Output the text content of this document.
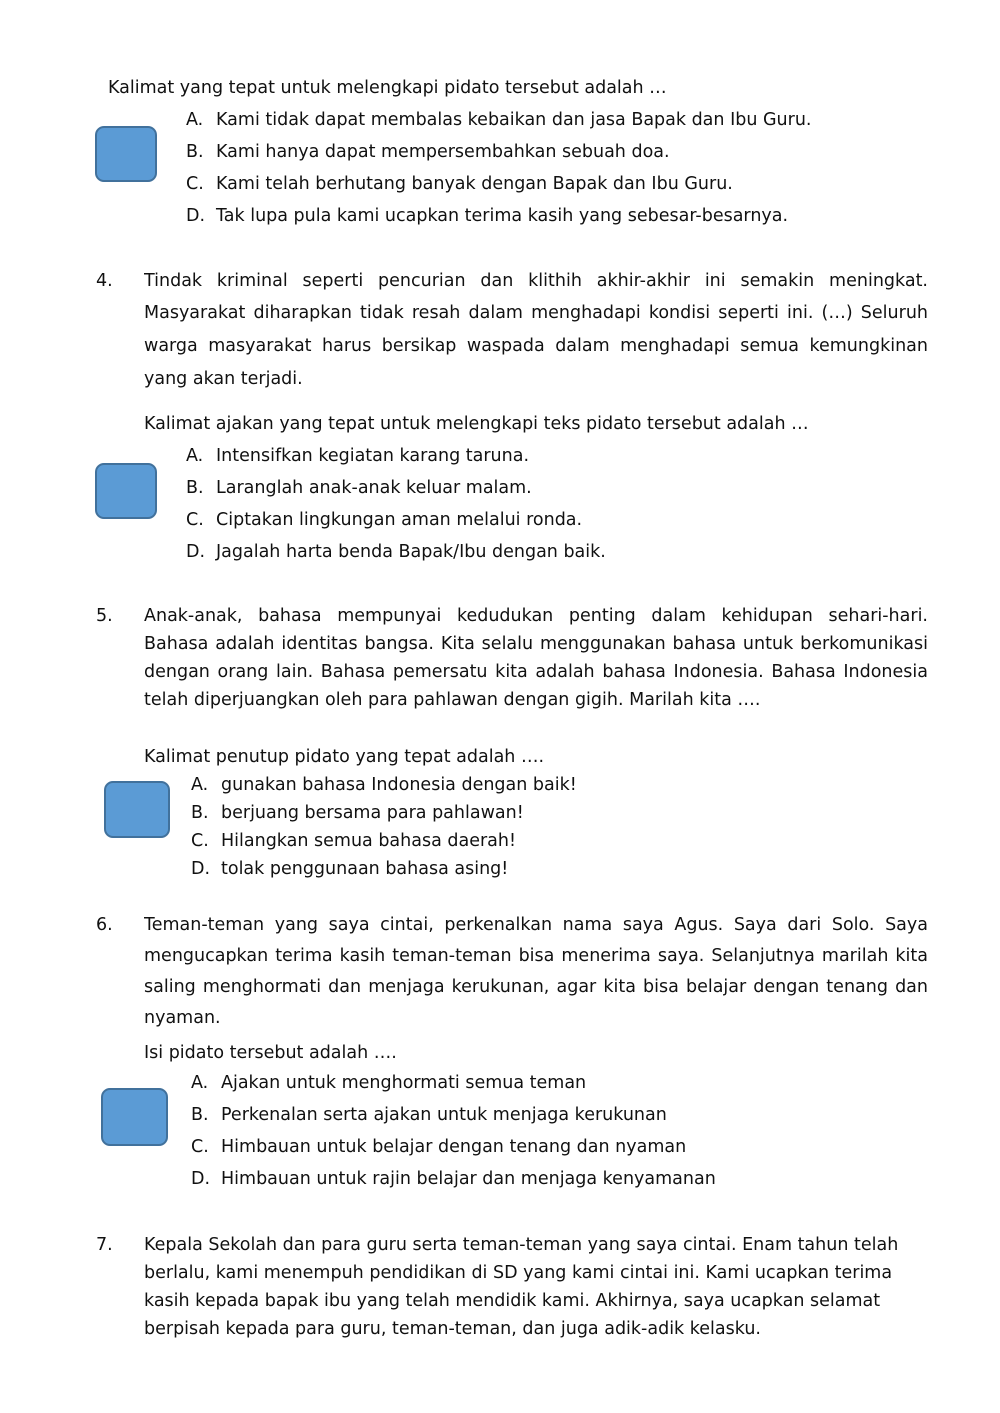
Kalimat yang tepat untuk melengkapi pidato tersebut adalah …
A. Kami tidak dapat membalas kebaikan dan jasa Bapak dan Ibu Guru.
B. Kami hanya dapat mempersembahkan sebuah doa.
C. Kami telah berhutang banyak dengan Bapak dan Ibu Guru.
D. Tak lupa pula kami ucapkan terima kasih yang sebesar-besarnya.
4. Tindak kriminal seperti pencurian dan klithih akhir-akhir ini semakin meningkat.
Masyarakat diharapkan tidak resah dalam menghadapi kondisi seperti ini. (…) Seluruh
warga masyarakat harus bersikap waspada dalam menghadapi semua kemungkinan
yang akan terjadi.
Kalimat ajakan yang tepat untuk melengkapi teks pidato tersebut adalah …
A. Intensifkan kegiatan karang taruna.
B. Laranglah anak-anak keluar malam.
C. Ciptakan lingkungan aman melalui ronda.
D. Jagalah harta benda Bapak/Ibu dengan baik.
5. Anak-anak, bahasa mempunyai kedudukan penting dalam kehidupan sehari-hari.
Bahasa adalah identitas bangsa. Kita selalu menggunakan bahasa untuk berkomunikasi
dengan orang lain. Bahasa pemersatu kita adalah bahasa Indonesia. Bahasa Indonesia
telah diperjuangkan oleh para pahlawan dengan gigih. Marilah kita ….
Kalimat penutup pidato yang tepat adalah ….
A. gunakan bahasa Indonesia dengan baik!
B. berjuang bersama para pahlawan!
C. Hilangkan semua bahasa daerah!
D. tolak penggunaan bahasa asing!
6. Teman-teman yang saya cintai, perkenalkan nama saya Agus. Saya dari Solo. Saya
mengucapkan terima kasih teman-teman bisa menerima saya. Selanjutnya marilah kita
saling menghormati dan menjaga kerukunan, agar kita bisa belajar dengan tenang dan
nyaman.
Isi pidato tersebut adalah ….
A. Ajakan untuk menghormati semua teman
B. Perkenalan serta ajakan untuk menjaga kerukunan
C. Himbauan untuk belajar dengan tenang dan nyaman
D. Himbauan untuk rajin belajar dan menjaga kenyamanan
7. Kepala Sekolah dan para guru serta teman-teman yang saya cintai. Enam tahun telah
berlalu, kami menempuh pendidikan di SD yang kami cintai ini. Kami ucapkan terima
kasih kepada bapak ibu yang telah mendidik kami. Akhirnya, saya ucapkan selamat
berpisah kepada para guru, teman-teman, dan juga adik-adik kelasku.
